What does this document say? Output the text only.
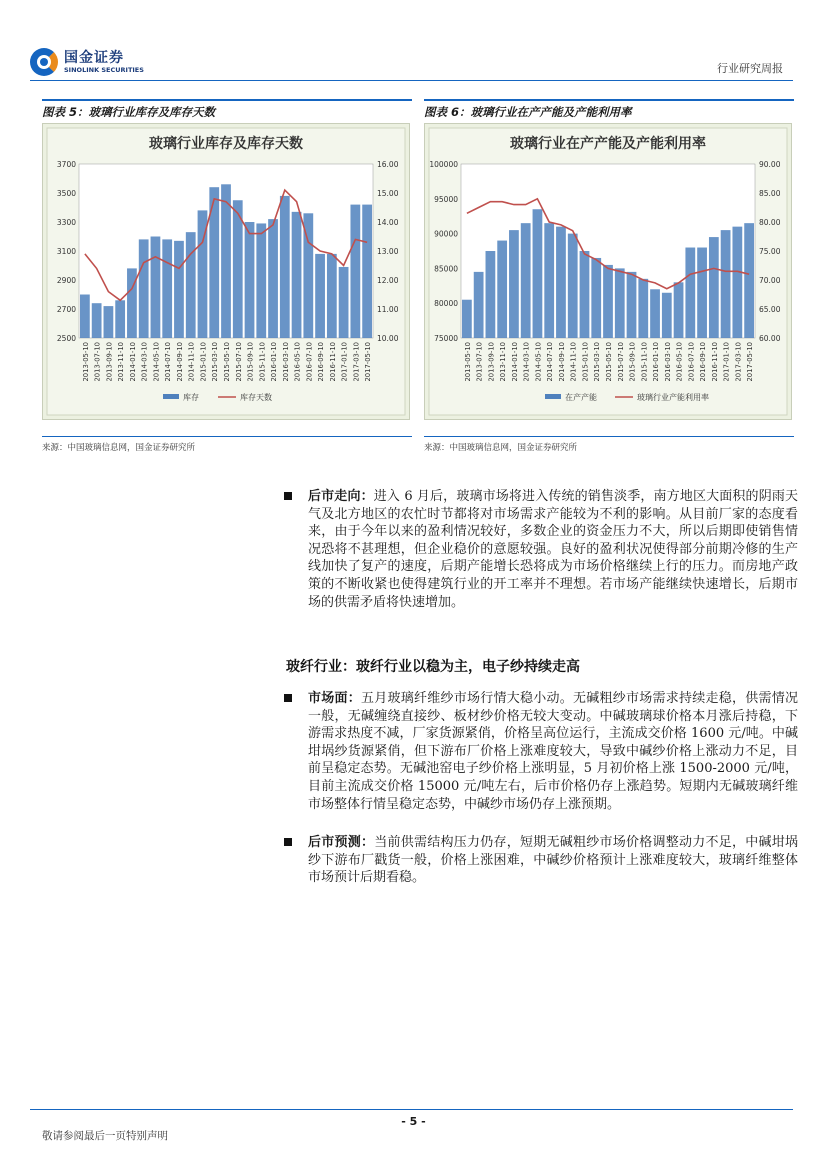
国金证券
SINOLINK SECURITIES	行业研究周报
图表 5：玻璃行业库存及库存天数	图表 6：玻璃行业在产产能及产能利用率
玻璃行业库存及库存天数
2500
2700
2900
3100
3300
3500
3700
10.00
11.00
12.00
13.00
14.00
15.00
16.00
2013-05-10 2013-07-10 2013-09-10 2013-11-10 2014-01-10 2014-03-10 2014-05-10 2014-07-10 2014-09-10 2014-11-10 2015-01-10 2015-03-10 2015-05-10 2015-07-10 2015-09-10 2015-11-10 2016-01-10 2016-03-10 2016-05-10 2016-07-10 2016-09-10 2016-11-10 2017-01-10 2017-03-10 2017-05-10
库存	库存天数
玻璃行业在产产能及产能利用率
75000
80000
85000
90000
95000
100000
60.00
65.00
70.00
75.00
80.00
85.00
90.00
2013-05-10 2013-07-10 2013-09-10 2013-11-10 2014-01-10 2014-03-10 2014-05-10 2014-07-10 2014-09-10 2014-11-10 2015-01-10 2015-03-10 2015-05-10 2015-07-10 2015-09-10 2015-11-10 2016-01-10 2016-03-10 2016-05-10 2016-07-10 2016-09-10 2016-11-10 2017-01-10 2017-03-10 2017-05-10
在产产能	玻璃行业产能利用率
来源：中国玻璃信息网，国金证券研究所	来源：中国玻璃信息网，国金证券研究所
后市走向：进入 6 月后，玻璃市场将进入传统的销售淡季，南方地区大面积的阴雨天气及北方地区的农忙时节都将对市场需求产能较为不利的影响。从目前厂家的态度看来，由于今年以来的盈利情况较好，多数企业的资金压力不大，所以后期即使销售情况恐将不甚理想，但企业稳价的意愿较强。良好的盈利状况使得部分前期冷修的生产线加快了复产的速度，后期产能增长恐将成为市场价格继续上行的压力。而房地产政策的不断收紧也使得建筑行业的开工率并不理想。若市场产能继续快速增长，后期市场的供需矛盾将快速增加。
玻纤行业：玻纤行业以稳为主，电子纱持续走高
市场面：五月玻璃纤维纱市场行情大稳小动。无碱粗纱市场需求持续走稳，供需情况一般，无碱缠绕直接纱、板材纱价格无较大变动。中碱玻璃球价格本月涨后持稳，下游需求热度不减，厂家货源紧俏，价格呈高位运行，主流成交价格 1600 元/吨。中碱坩埚纱货源紧俏，但下游布厂价格上涨难度较大，导致中碱纱价格上涨动力不足，目前呈稳定态势。无碱池窑电子纱价格上涨明显，5 月初价格上涨 1500-2000 元/吨，目前主流成交价格 15000 元/吨左右，后市价格仍存上涨趋势。短期内无碱玻璃纤维市场整体行情呈稳定态势，中碱纱市场仍存上涨预期。
后市预测：当前供需结构压力仍存，短期无碱粗纱市场价格调整动力不足，中碱坩埚纱下游布厂戳货一般，价格上涨困难，中碱纱价格预计上涨难度较大，玻璃纤维整体市场预计后期看稳。
- 5 -
敬请参阅最后一页特别声明
